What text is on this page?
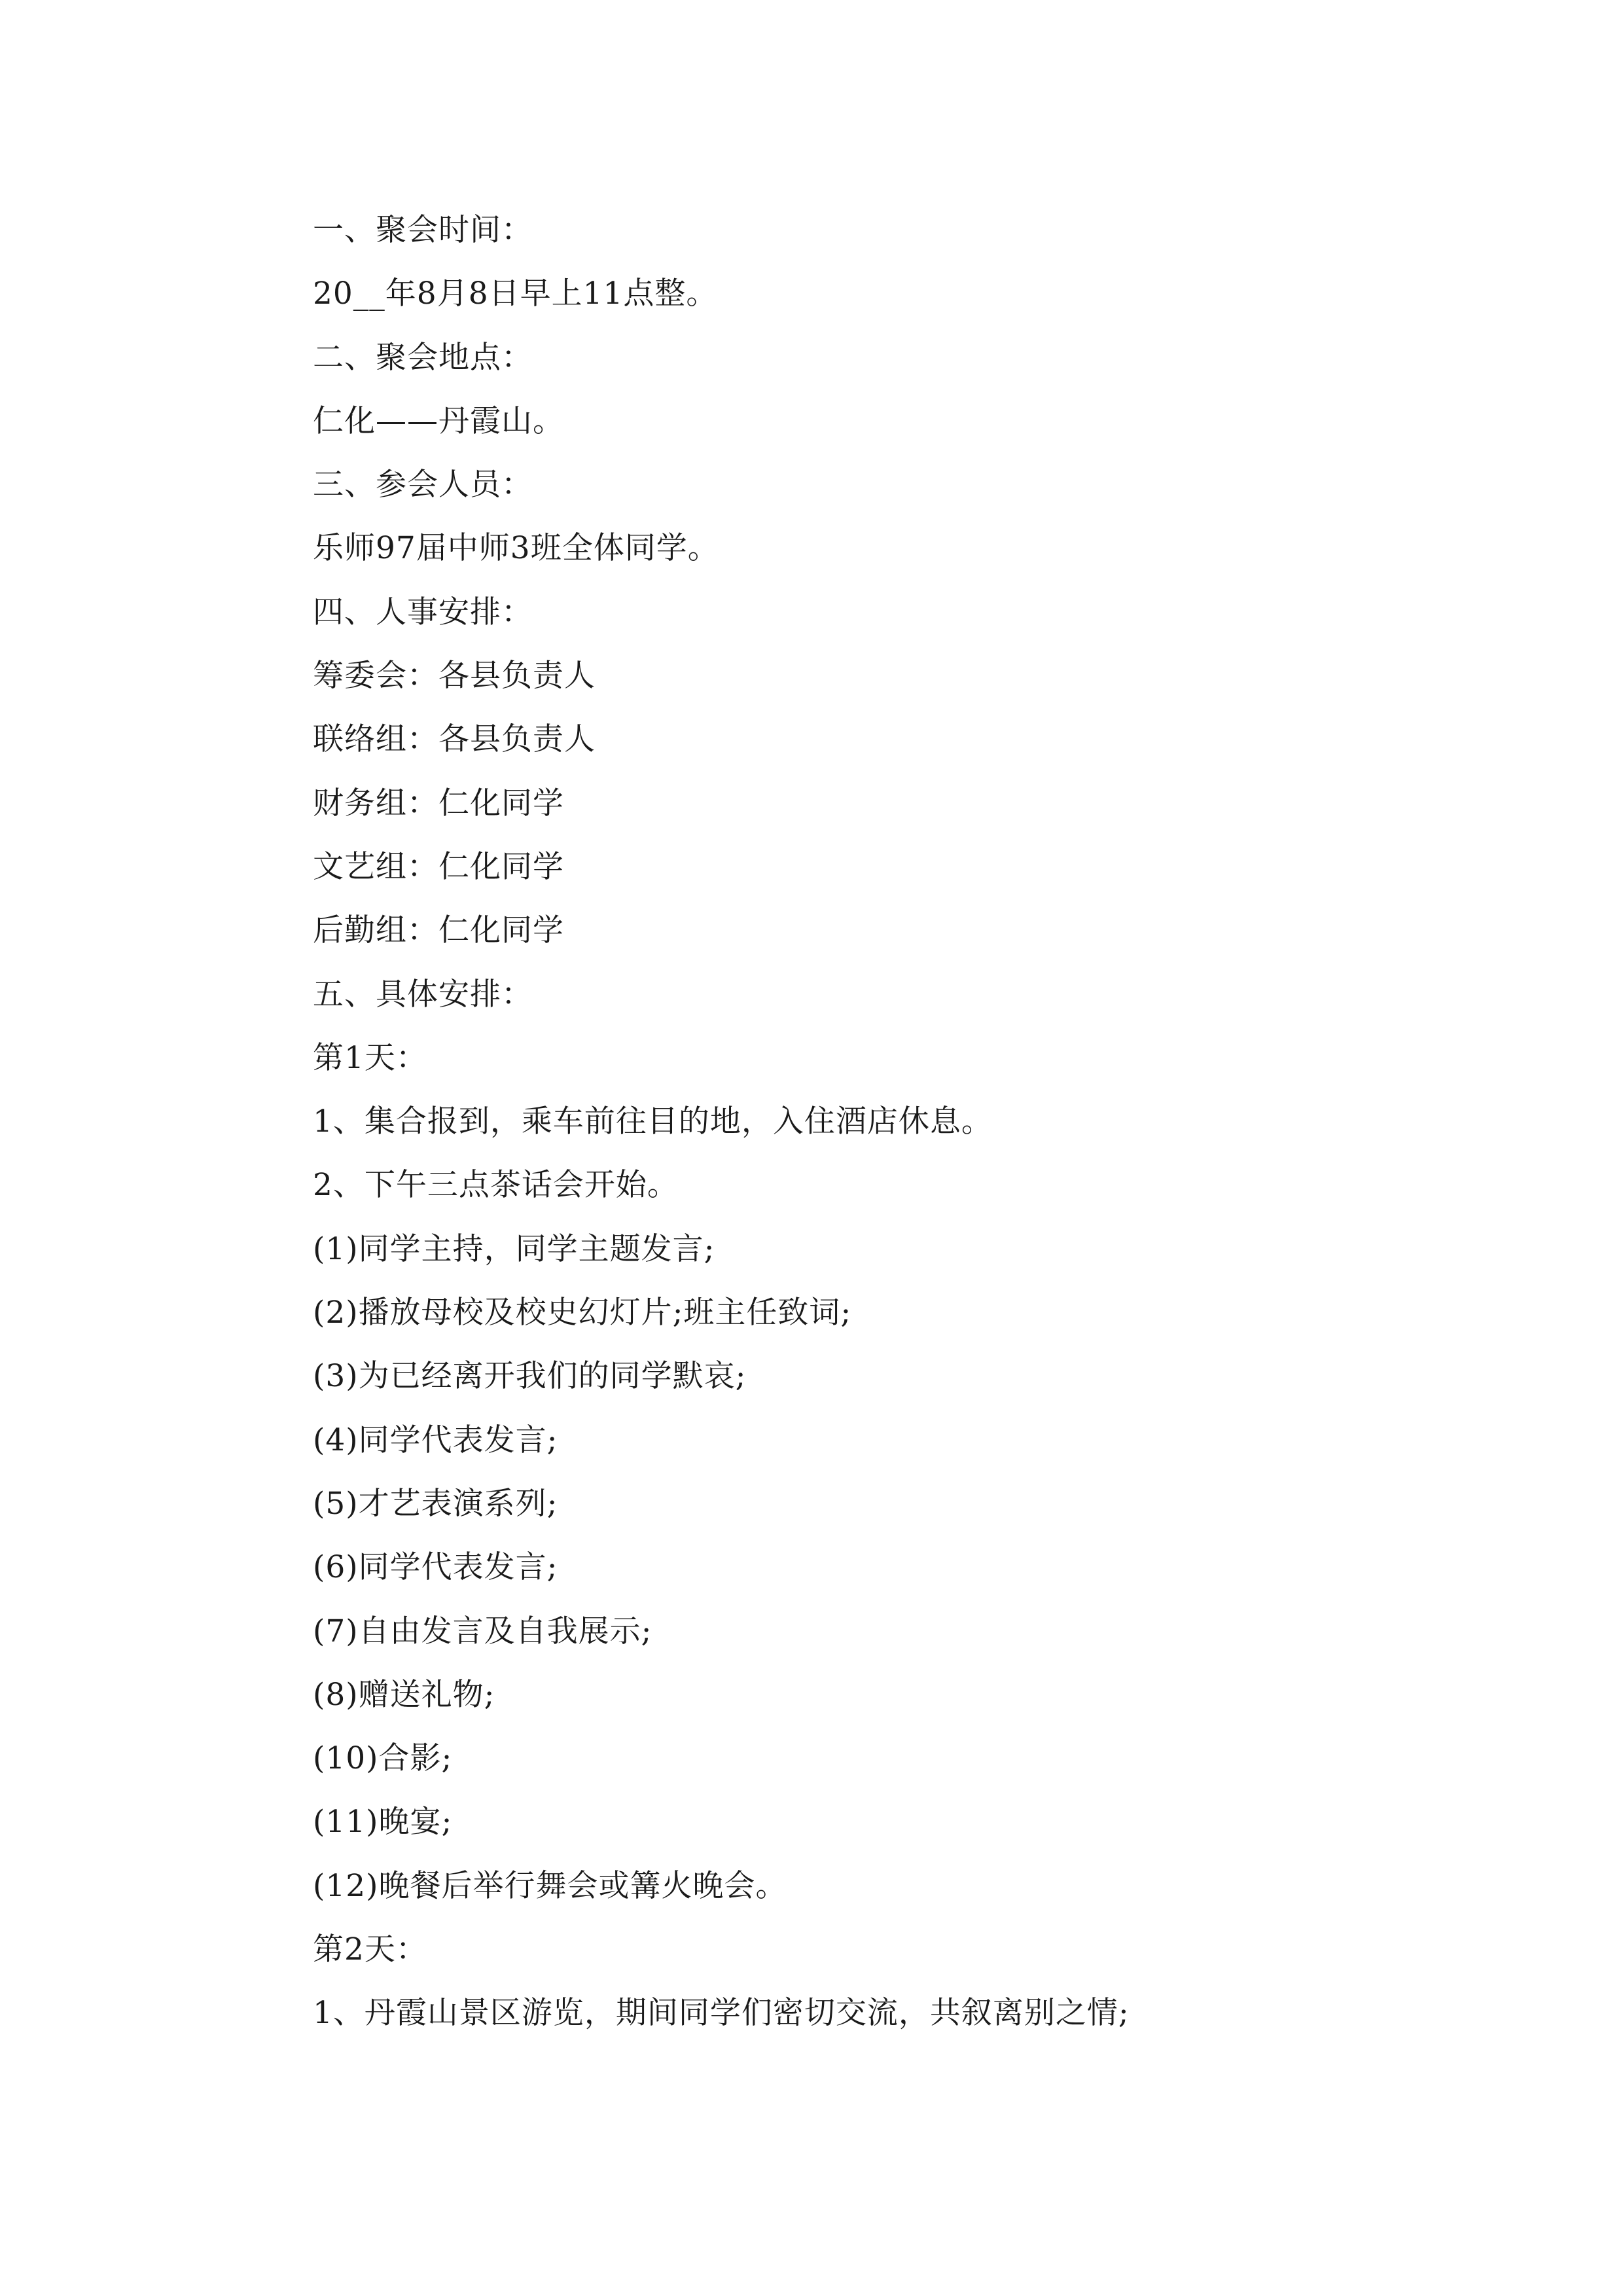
一、聚会时间：
20__年8月8日早上11点整。
二、聚会地点：
仁化——丹霞山。
三、参会人员：
乐师97届中师3班全体同学。
四、人事安排：
筹委会：各县负责人
联络组：各县负责人
财务组：仁化同学
文艺组：仁化同学
后勤组：仁化同学
五、具体安排：
第1天：
1、集合报到，乘车前往目的地，入住酒店休息。
2、下午三点茶话会开始。
(1)同学主持，同学主题发言;
(2)播放母校及校史幻灯片;班主任致词;
(3)为已经离开我们的同学默哀;
(4)同学代表发言;
(5)才艺表演系列;
(6)同学代表发言;
(7)自由发言及自我展示;
(8)赠送礼物;
(10)合影;
(11)晚宴;
(12)晚餐后举行舞会或篝火晚会。
第2天：
1、丹霞山景区游览，期间同学们密切交流，共叙离别之情;
